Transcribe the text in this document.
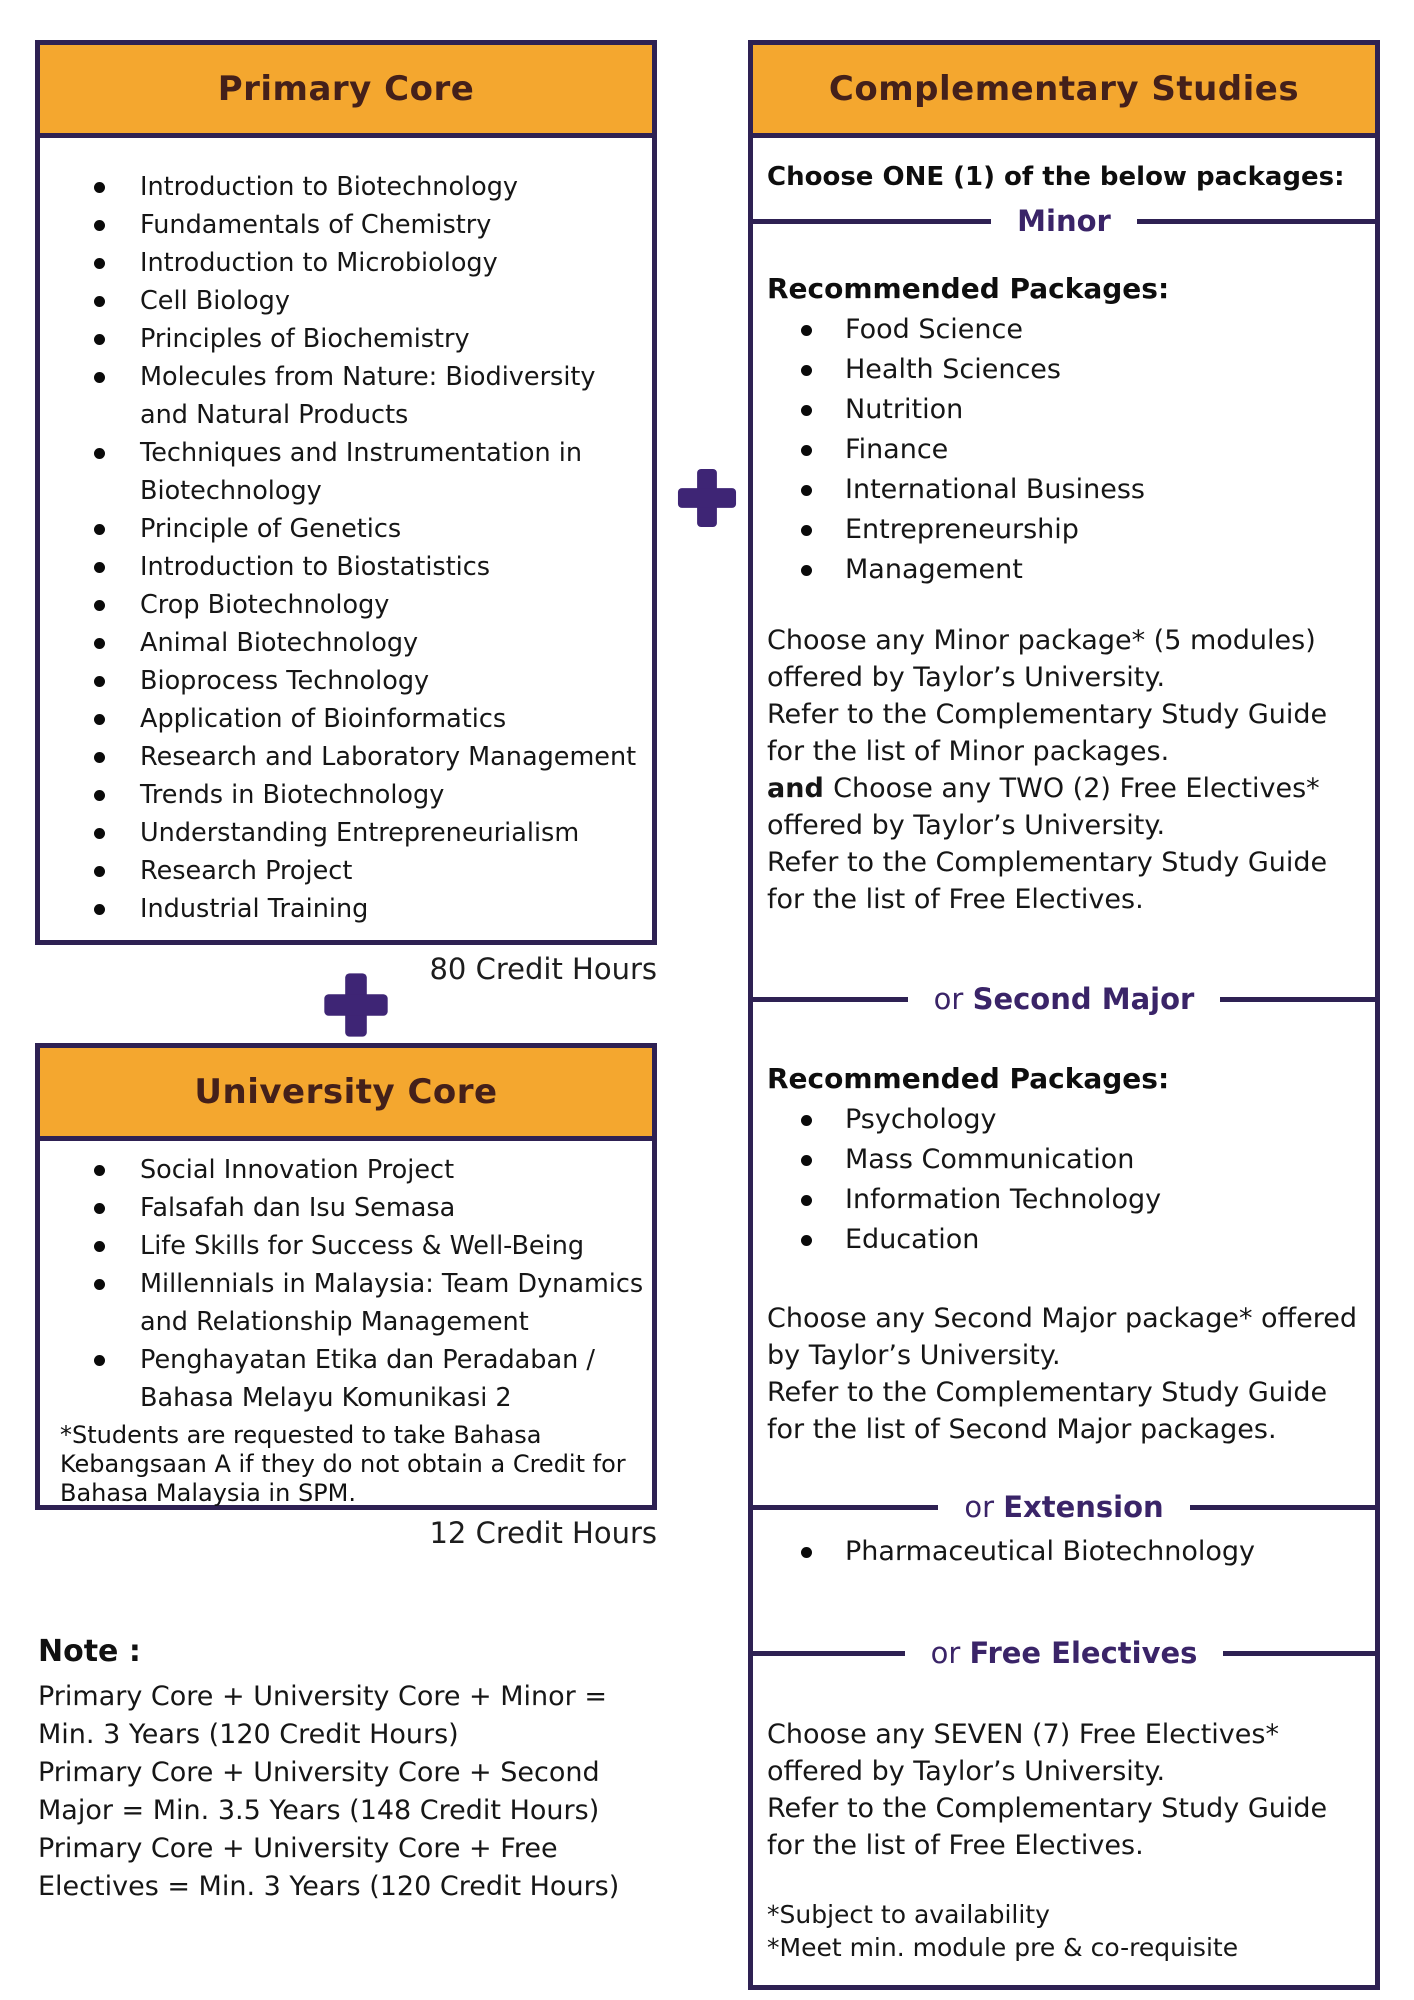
Primary Core
Introduction to Biotechnology
Fundamentals of Chemistry
Introduction to Microbiology
Cell Biology
Principles of Biochemistry
Molecules from Nature: Biodiversity and Natural Products
Techniques and Instrumentation in Biotechnology
Principle of Genetics
Introduction to Biostatistics
Crop Biotechnology
Animal Biotechnology
Bioprocess Technology
Application of Bioinformatics
Research and Laboratory Management
Trends in Biotechnology
Understanding Entrepreneurialism
Research Project
Industrial Training
80 Credit Hours
University Core
Social Innovation Project
Falsafah dan Isu Semasa
Life Skills for Success & Well-Being
Millennials in Malaysia: Team Dynamics and Relationship Management
Penghayatan Etika dan Peradaban / Bahasa Melayu Komunikasi 2
*Students are requested to take Bahasa
Kebangsaan A if they do not obtain a Credit for
Bahasa Malaysia in SPM.
12 Credit Hours
Note :
Primary Core + University Core + Minor =
Min. 3 Years (120 Credit Hours)
Primary Core + University Core + Second
Major = Min. 3.5 Years (148 Credit Hours)
Primary Core + University Core + Free
Electives = Min. 3 Years (120 Credit Hours)
Complementary Studies

Choose ONE (1) of the below packages:

Minor

Recommended Packages:

Food Science
Health Sciences
Nutrition
Finance
International Business
Entrepreneurship
Management
Choose any Minor package* (5 modules)
offered by Taylor’s University.
Refer to the Complementary Study Guide
for the list of Minor packages.
and Choose any TWO (2) Free Electives*
offered by Taylor’s University.
Refer to the Complementary Study Guide
for the list of Free Electives.
or Second Major

Recommended Packages:

Psychology
Mass Communication
Information Technology
Education
Choose any Second Major package* offered
by Taylor’s University.
Refer to the Complementary Study Guide
for the list of Second Major packages.
or Extension
Pharmaceutical Biotechnology
or Free Electives
Choose any SEVEN (7) Free Electives*
offered by Taylor’s University.
Refer to the Complementary Study Guide
for the list of Free Electives.
*Subject to availability
*Meet min. module pre & co-requisite
